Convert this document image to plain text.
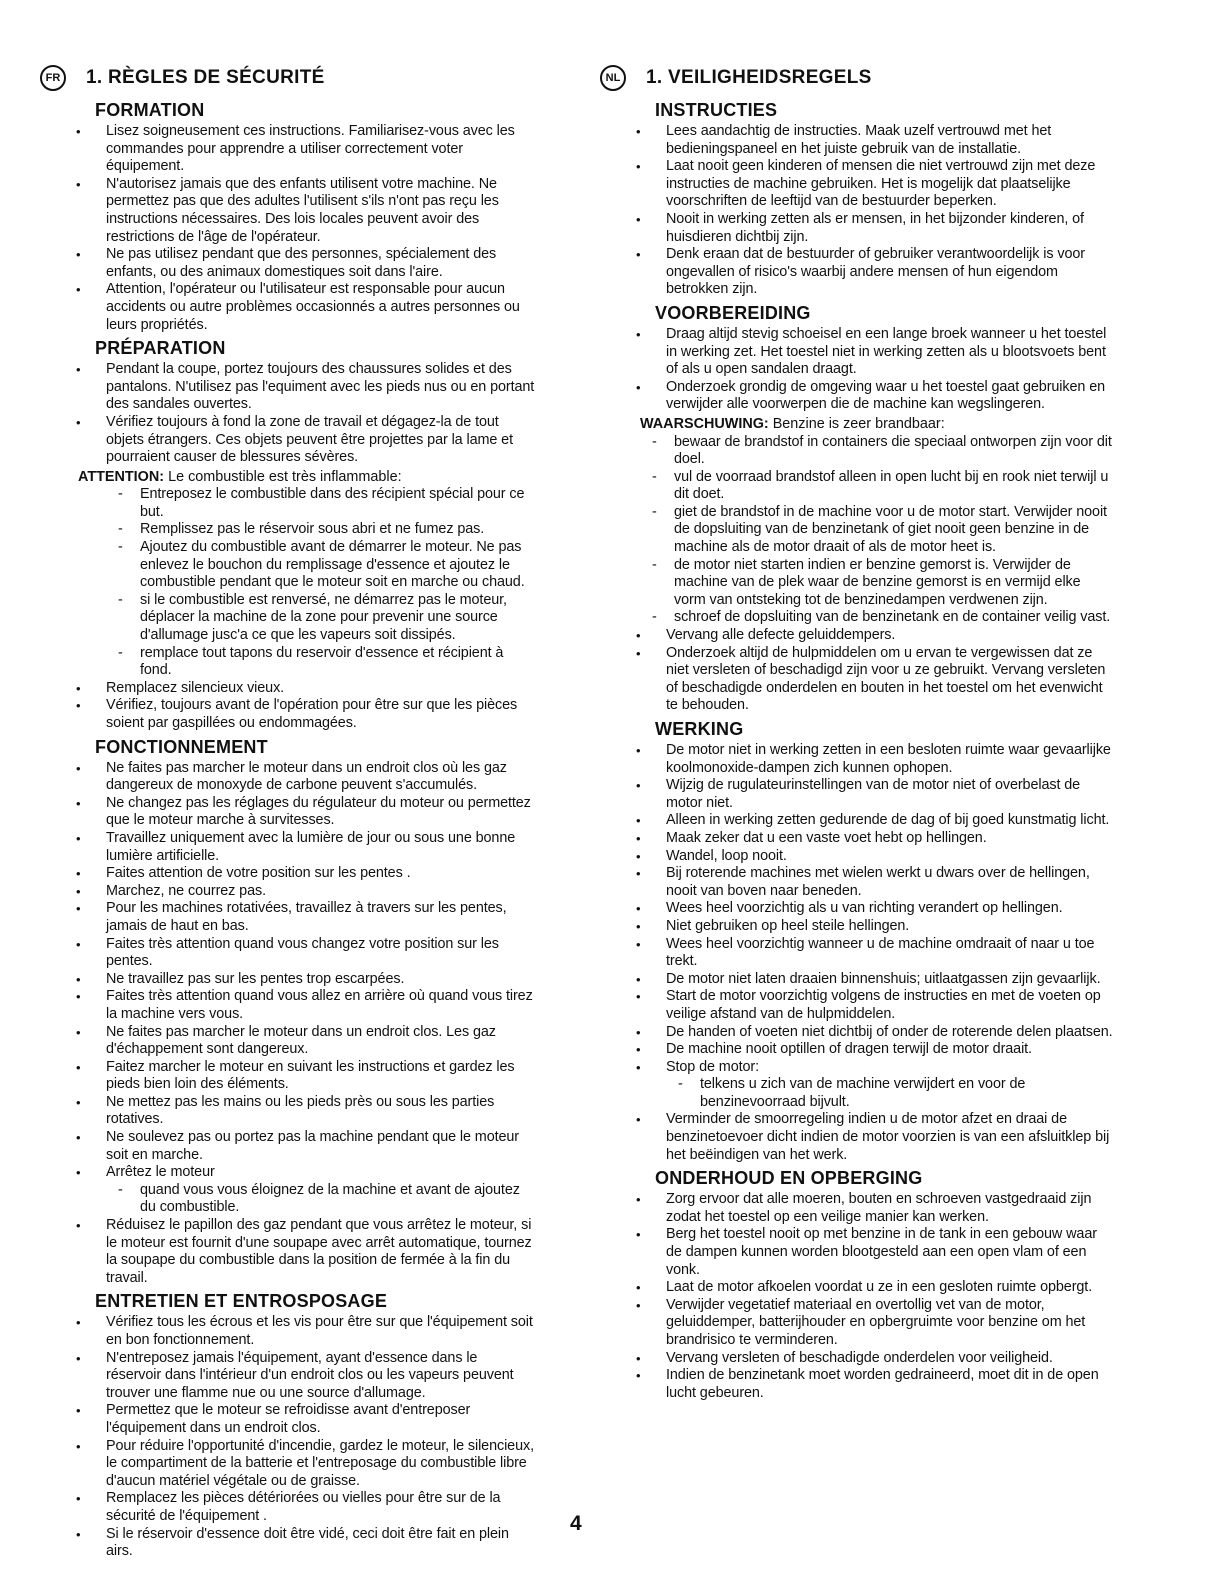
FR 1. RÈGLES DE SÉCURITÉ
FORMATION
• Lisez soigneusement ces instructions. Familiarisez-vous avec les commandes pour apprendre a utiliser correctement voter équipement.
• N'autorisez jamais que des enfants utilisent votre machine. Ne permettez pas que des adultes l'utilisent s'ils n'ont pas reçu les instructions nécessaires. Des lois locales peuvent avoir des restrictions de l'âge de l'opérateur.
• Ne pas utilisez pendant que des personnes, spécialement des enfants, ou des animaux domestiques soit dans l'aire.
• Attention, l'opérateur ou l'utilisateur est responsable pour aucun accidents ou autre problèmes occasionnés a autres personnes ou leurs propriétés.
PRÉPARATION
• Pendant la coupe, portez toujours des chaussures solides et des pantalons. N'utilisez pas l'equiment avec les pieds nus ou en portant des sandales ouvertes.
• Vérifiez toujours à fond la zone de travail et dégagez-la de tout objets étrangers. Ces objets peuvent être projettes par la lame et pourraient causer de blessures sévères.
ATTENTION: Le combustible est très inflammable:
- Entreposez le combustible dans des récipient spécial pour ce but.
- Remplissez pas le réservoir sous abri et ne fumez pas.
- Ajoutez du combustible avant de démarrer le moteur. Ne pas enlevez le bouchon du remplissage d'essence et ajoutez le combustible pendant que le moteur soit en marche ou chaud.
- si le combustible est renversé, ne démarrez pas le moteur, déplacer la machine de la zone pour prevenir une source d'allumage jusc'a ce que les vapeurs soit dissipés.
- remplace tout tapons du reservoir d'essence et récipient à fond.
• Remplacez silencieux vieux.
• Vérifiez, toujours avant de l'opération pour être sur que les pièces soient par gaspillées ou endommagées.
FONCTIONNEMENT
• Ne faites pas marcher le moteur dans un endroit clos où les gaz dangereux de monoxyde de carbone peuvent s'accumulés.
• Ne changez pas les réglages du régulateur du moteur ou permettez que le moteur marche à survitesses.
• Travaillez uniquement avec la lumière de jour ou sous une bonne lumière artificielle.
• Faites attention de votre position sur les pentes .
• Marchez, ne courrez pas.
• Pour les machines rotativées, travaillez à travers sur les pentes, jamais de haut en bas.
• Faites très attention quand vous changez votre position sur les pentes.
• Ne travaillez pas sur les pentes trop escarpées.
• Faites très attention quand vous allez en arrière où quand vous tirez la machine vers vous.
• Ne faites pas marcher le moteur dans un endroit clos. Les gaz d'échappement sont dangereux.
• Faitez marcher le moteur en suivant les instructions et gardez les pieds bien loin des éléments.
• Ne mettez pas les mains ou les pieds près ou sous les parties rotatives.
• Ne soulevez pas ou portez pas la machine pendant que le moteur soit en marche.
• Arrêtez le moteur
- quand vous vous éloignez de la machine et avant de ajoutez du combustible.
• Réduisez le papillon des gaz pendant que vous arrêtez le moteur, si le moteur est fournit d'une soupape avec arrêt automatique, tournez la soupape du combustible dans la position de fermée à la fin du travail.
ENTRETIEN ET ENTROSPOSAGE
• Vérifiez tous les écrous et les vis pour être sur que l'équipement soit en bon fonctionnement.
• N'entreposez jamais l'équipement, ayant d'essence dans le réservoir dans l'intérieur d'un endroit clos ou les vapeurs peuvent trouver une flamme nue ou une source d'allumage.
• Permettez que le moteur se refroidisse avant d'entreposer l'équipement dans un endroit clos.
• Pour réduire l'opportunité d'incendie, gardez le moteur, le silencieux, le compartiment de la batterie et l'entreposage du combustible libre d'aucun matériel végétale ou de graisse.
• Remplacez les pièces détériorées ou vielles pour être sur de la sécurité de l'équipement .
• Si le réservoir d'essence doit être vidé, ceci doit être fait en plein airs.
NL 1. VEILIGHEIDSREGELS
INSTRUCTIES
• Lees aandachtig de instructies. Maak uzelf vertrouwd met het bedieningspaneel en het juiste gebruik van de installatie.
• Laat nooit geen kinderen of mensen die niet vertrouwd zijn met deze instructies de machine gebruiken. Het is mogelijk dat plaatselijke voorschriften de leeftijd van de bestuurder beperken.
• Nooit in werking zetten als er mensen, in het bijzonder kinderen, of huisdieren dichtbij zijn.
• Denk eraan dat de bestuurder of gebruiker verantwoordelijk is voor ongevallen of risico's waarbij andere mensen of hun eigendom betrokken zijn.
VOORBEREIDING
• Draag altijd stevig schoeisel en een lange broek wanneer u het toestel in werking zet. Het toestel niet in werking zetten als u blootsvoets bent of als u open sandalen draagt.
• Onderzoek grondig de omgeving waar u het toestel gaat gebruiken en verwijder alle voorwerpen die de machine kan wegslingeren.
WAARSCHUWING: Benzine is zeer brandbaar:
- bewaar de brandstof in containers die speciaal ontworpen zijn voor dit doel.
- vul de voorraad brandstof alleen in open lucht bij en rook niet terwijl u dit doet.
- giet de brandstof in de machine voor u de motor start. Verwijder nooit de dopsluiting van de benzinetank of giet nooit geen benzine in de machine als de motor draait of als de motor heet is.
- de motor niet starten indien er benzine gemorst is. Verwijder de machine van de plek waar de benzine gemorst is en vermijd elke vorm van ontsteking tot de benzinedampen verdwenen zijn.
- schroef de dopsluiting van de benzinetank en de container veilig vast.
• Vervang alle defecte geluiddempers.
• Onderzoek altijd de hulpmiddelen om u ervan te vergewissen dat ze niet versleten of beschadigd zijn voor u ze gebruikt. Vervang versleten of beschadigde onderdelen en bouten in het toestel om het evenwicht te behouden.
WERKING
• De motor niet in werking zetten in een besloten ruimte waar gevaarlijke koolmonoxide-dampen zich kunnen ophopen.
• Wijzig de rugulateurinstellingen van de motor niet of overbelast de motor niet.
• Alleen in werking zetten gedurende de dag of bij goed kunstmatig licht.
• Maak zeker dat u een vaste voet hebt op hellingen.
• Wandel, loop nooit.
• Bij roterende machines met wielen werkt u dwars over de hellingen, nooit van boven naar beneden.
• Wees heel voorzichtig als u van richting verandert op hellingen.
• Niet gebruiken op heel steile hellingen.
• Wees heel voorzichtig wanneer u de machine omdraait of naar u toe trekt.
• De motor niet laten draaien binnenshuis; uitlaatgassen zijn gevaarlijk.
• Start de motor voorzichtig volgens de instructies en met de voeten op veilige afstand van de hulpmiddelen.
• De handen of voeten niet dichtbij of onder de roterende delen plaatsen.
• De machine nooit optillen of dragen terwijl de motor draait.
• Stop de motor:
- telkens u zich van de machine verwijdert en voor de benzinevoorraad bijvult.
• Verminder de smoorregeling indien u de motor afzet en draai de benzinetoevoer dicht indien de motor voorzien is van een afsluitklep bij het beëindigen van het werk.
ONDERHOUD EN OPBERGING
• Zorg ervoor dat alle moeren, bouten en schroeven vastgedraaid zijn zodat het toestel op een veilige manier kan werken.
• Berg het toestel nooit op met benzine in de tank in een gebouw waar de dampen kunnen worden blootgesteld aan een open vlam of een vonk.
• Laat de motor afkoelen voordat u ze in een gesloten ruimte opbergt.
• Verwijder vegetatief materiaal en overtollig vet van de motor, geluiddemper, batterijhouder en opbergruimte voor benzine om het brandrisico te verminderen.
• Vervang versleten of beschadigde onderdelen voor veiligheid.
• Indien de benzinetank moet worden gedraineerd, moet dit in de open lucht gebeuren.
4
